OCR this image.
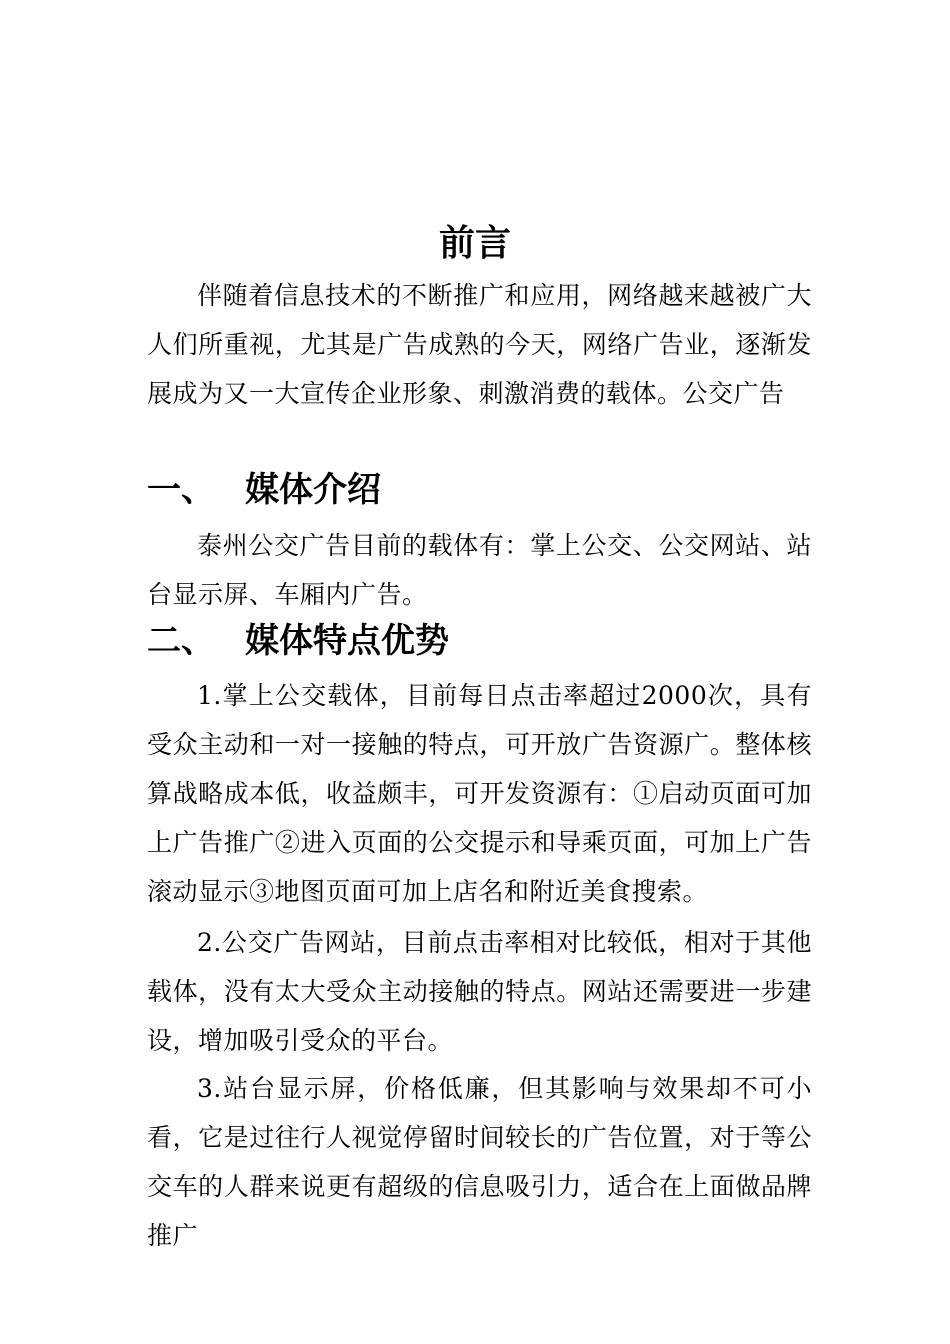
前言
伴随着信息技术的不断推广和应用，网络越来越被广大人们所重视，尤其是广告成熟的今天，网络广告业，逐渐发展成为又一大宣传企业形象、刺激消费的载体。公交广告
一、 媒体介绍
泰州公交广告目前的载体有：掌上公交、公交网站、站台显示屏、车厢内广告。
二、 媒体特点优势
1.掌上公交载体，目前每日点击率超过2000次，具有受众主动和一对一接触的特点，可开放广告资源广。整体核算战略成本低，收益颇丰，可开发资源有：①启动页面可加上广告推广②进入页面的公交提示和导乘页面，可加上广告滚动显示③地图页面可加上店名和附近美食搜索。
2.公交广告网站，目前点击率相对比较低，相对于其他载体，没有太大受众主动接触的特点。网站还需要进一步建设，增加吸引受众的平台。
3.站台显示屏，价格低廉，但其影响与效果却不可小看，它是过往行人视觉停留时间较长的广告位置，对于等公交车的人群来说更有超级的信息吸引力，适合在上面做品牌推广
